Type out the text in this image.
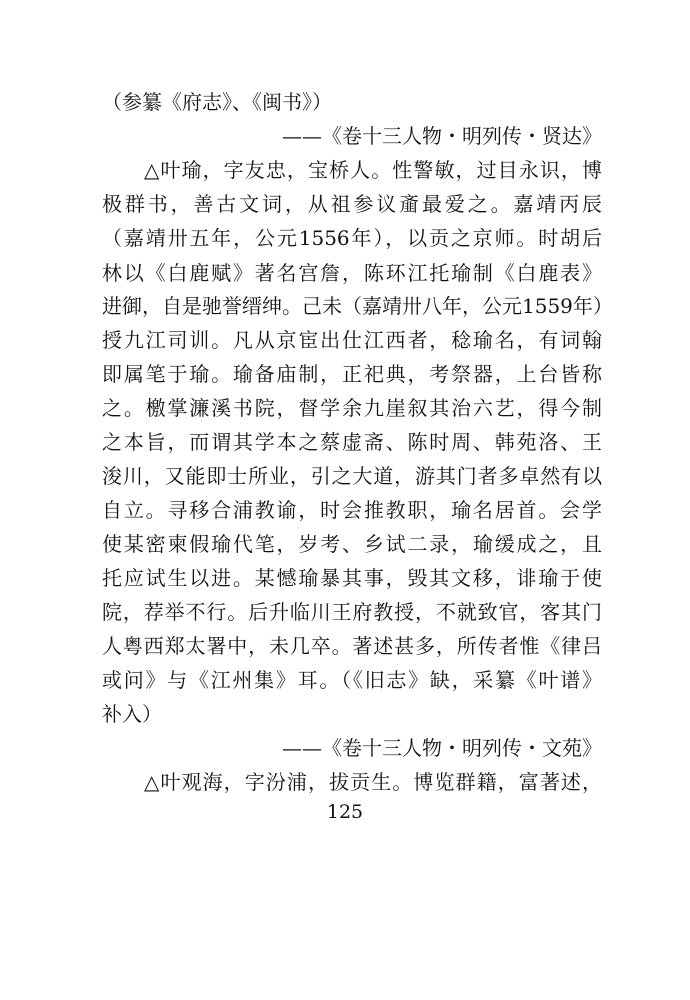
（参纂《府志》、《闽书》）
——《卷十三人物・明列传・贤达》
△叶瑜，字友忠，宝桥人。性警敏，过目永识，博
极群书，善古文词，从祖参议齑最爱之。嘉靖丙辰
（嘉靖卅五年，公元1556年），以贡之京师。时胡后
林以《白鹿赋》著名宫詹，陈环江托瑜制《白鹿表》
进御，自是驰誉缙绅。己未（嘉靖卅八年，公元1559年）
授九江司训。凡从京宦出仕江西者，稔瑜名，有词翰
即属笔于瑜。瑜备庙制，正祀典，考祭器，上台皆称
之。檄掌濂溪书院，督学余九崖叙其治六艺，得今制
之本旨，而谓其学本之蔡虚斋、陈时周、韩苑洛、王
浚川，又能即士所业，引之大道，游其门者多卓然有以
自立。寻移合浦教谕，时会推教职，瑜名居首。会学
使某密柬假瑜代笔，岁考、乡试二录，瑜缓成之，且
托应试生以进。某憾瑜暴其事，毁其文移，诽瑜于使
院，荐举不行。后升临川王府教授，不就致官，客其门
人粤西郑太署中，未几卒。著述甚多，所传者惟《律吕
或问》与《江州集》耳。（《旧志》缺，采纂《叶谱》
补入）
——《卷十三人物・明列传・文苑》
△叶观海，字汾浦，拔贡生。博览群籍，富著述，
125
